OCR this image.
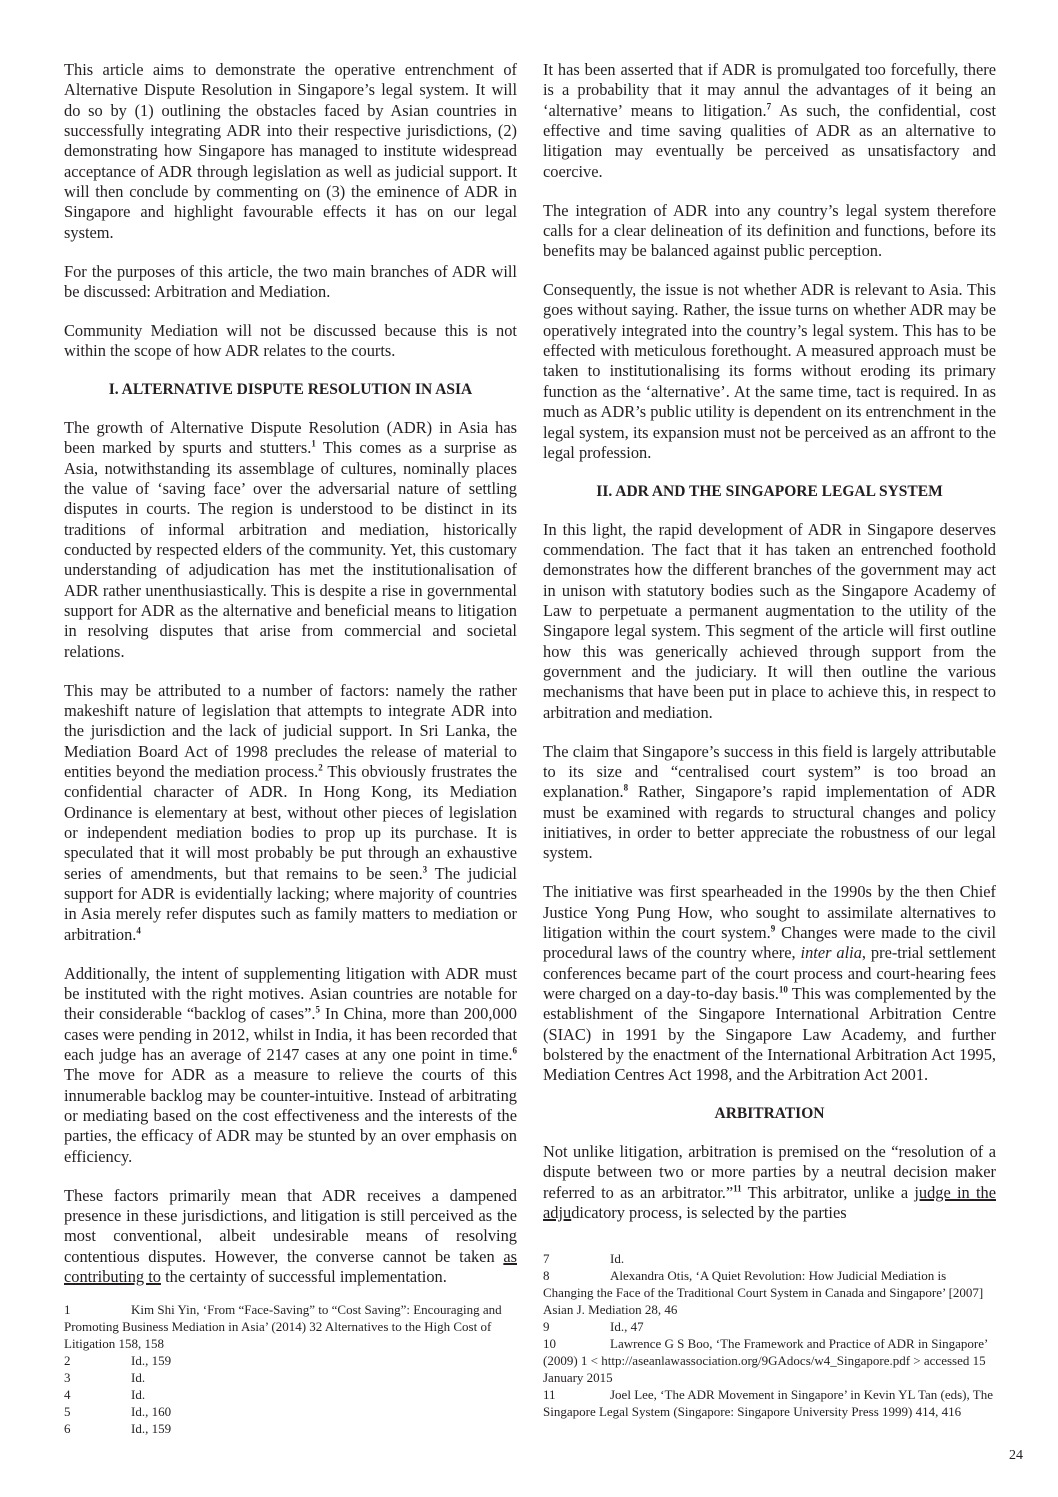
This article aims to demonstrate the operative entrenchment of Alternative Dispute Resolution in Singapore’s legal system. It will do so by (1) outlining the obstacles faced by Asian countries in successfully integrating ADR into their respective jurisdictions, (2) demonstrating how Singapore has managed to institute widespread acceptance of ADR through legislation as well as judicial support. It will then conclude by commenting on (3) the eminence of ADR in Singapore and highlight favourable effects it has on our legal system.

For the purposes of this article, the two main branches of ADR will be discussed: Arbitration and Mediation.

Community Mediation will not be discussed because this is not within the scope of how ADR relates to the courts.

I. ALTERNATIVE DISPUTE RESOLUTION IN ASIA

The growth of Alternative Dispute Resolution (ADR) in Asia has been marked by spurts and stutters.$^1$ This comes as a surprise as Asia, notwithstanding its assemblage of cultures, nominally places the value of ‘saving face’ over the adversarial nature of settling disputes in courts. The region is understood to be distinct in its traditions of informal arbitration and mediation, historically conducted by respected elders of the community. Yet, this customary understanding of adjudication has met the institutionalisation of ADR rather unenthusiastically. This is despite a rise in governmental support for ADR as the alternative and beneficial means to litigation in resolving disputes that arise from commercial and societal relations.

This may be attributed to a number of factors: namely the rather makeshift nature of legislation that attempts to integrate ADR into the jurisdiction and the lack of judicial support. In Sri Lanka, the Mediation Board Act of 1998 precludes the release of material to entities beyond the mediation process.$^2$ This obviously frustrates the confidential character of ADR. In Hong Kong, its Mediation Ordinance is elementary at best, without other pieces of legislation or independent mediation bodies to prop up its purchase. It is speculated that it will most probably be put through an exhaustive series of amendments, but that remains to be seen.$^3$ The judicial support for ADR is evidentially lacking; where majority of countries in Asia merely refer disputes such as family matters to mediation or arbitration.$^4$

Additionally, the intent of supplementing litigation with ADR must be instituted with the right motives. Asian countries are notable for their considerable “backlog of cases”.$^5$ In China, more than 200,000 cases were pending in 2012, whilst in India, it has been recorded that each judge has an average of 2147 cases at any one point in time.$^6$ The move for ADR as a measure to relieve the courts of this innumerable backlog may be counter-intuitive. Instead of arbitrating or mediating based on the cost effectiveness and the interests of the parties, the efficacy of ADR may be stunted by an over emphasis on efficiency.

These factors primarily mean that ADR receives a dampened presence in these jurisdictions, and litigation is still perceived as the most conventional, albeit undesirable means of resolving contentious disputes. However, the converse cannot be taken as contributing to the certainty of successful implementation.

It has been asserted that if ADR is promulgated too forcefully, there is a probability that it may annul the advantages of it being an ‘alternative’ means to litigation.$^7$ As such, the confidential, cost effective and time saving qualities of ADR as an alternative to litigation may eventually be perceived as unsatisfactory and coercive.

The integration of ADR into any country’s legal system therefore calls for a clear delineation of its definition and functions, before its benefits may be balanced against public perception.

Consequently, the issue is not whether ADR is relevant to Asia. This goes without saying. Rather, the issue turns on whether ADR may be operatively integrated into the country’s legal system. This has to be effected with meticulous forethought. A measured approach must be taken to institutionalising its forms without eroding its primary function as the ‘alternative’. At the same time, tact is required. In as much as ADR’s public utility is dependent on its entrenchment in the legal system, its expansion must not be perceived as an affront to the legal profession.

II. ADR AND THE SINGAPORE LEGAL SYSTEM

In this light, the rapid development of ADR in Singapore deserves commendation. The fact that it has taken an entrenched foothold demonstrates how the different branches of the government may act in unison with statutory bodies such as the Singapore Academy of Law to perpetuate a permanent augmentation to the utility of the Singapore legal system. This segment of the article will first outline how this was generically achieved through support from the government and the judiciary. It will then outline the various mechanisms that have been put in place to achieve this, in respect to arbitration and mediation.

The claim that Singapore’s success in this field is largely attributable to its size and “centralised court system” is too broad an explanation.$^8$ Rather, Singapore’s rapid implementation of ADR must be examined with regards to structural changes and policy initiatives, in order to better appreciate the robustness of our legal system.

The initiative was first spearheaded in the 1990s by the then Chief Justice Yong Pung How, who sought to assimilate alternatives to litigation within the court system.$^9$ Changes were made to the civil procedural laws of the country where, inter alia, pre-trial settlement conferences became part of the court process and court-hearing fees were charged on a day-to-day basis.$^{10}$ This was complemented by the establishment of the Singapore International Arbitration Centre (SIAC) in 1991 by the Singapore Law Academy, and further bolstered by the enactment of the International Arbitration Act 1995, Mediation Centres Act 1998, and the Arbitration Act 2001.

ARBITRATION

Not unlike litigation, arbitration is premised on the “resolution of a dispute between two or more parties by a neutral decision maker referred to as an arbitrator.”$^{11}$ This arbitrator, unlike a judge in the adjudicatory process, is selected by the parties

1	Kim Shi Yin, ‘From “Face-Saving” to “Cost Saving”: Encouraging and Promoting Business Mediation in Asia’ (2014) 32 Alternatives to the High Cost of Litigation 158, 158

2	Id., 159

3	Id.

4	Id.

5	Id., 160

6	Id., 159

7	Id.

8	Alexandra Otis, ‘A Quiet Revolution: How Judicial Mediation is Changing the Face of the Traditional Court System in Canada and Singapore’ [2007] Asian J. Mediation 28, 46

9	Id., 47

10	Lawrence G S Boo, ‘The Framework and Practice of ADR in Singapore’ (2009) 1 < http://aseanlawassociation.org/9GAdocs/w4_Singapore.pdf > accessed 15 January 2015

11	Joel Lee, ‘The ADR Movement in Singapore’ in Kevin YL Tan (eds), The Singapore Legal System (Singapore: Singapore University Press 1999) 414, 416

24
